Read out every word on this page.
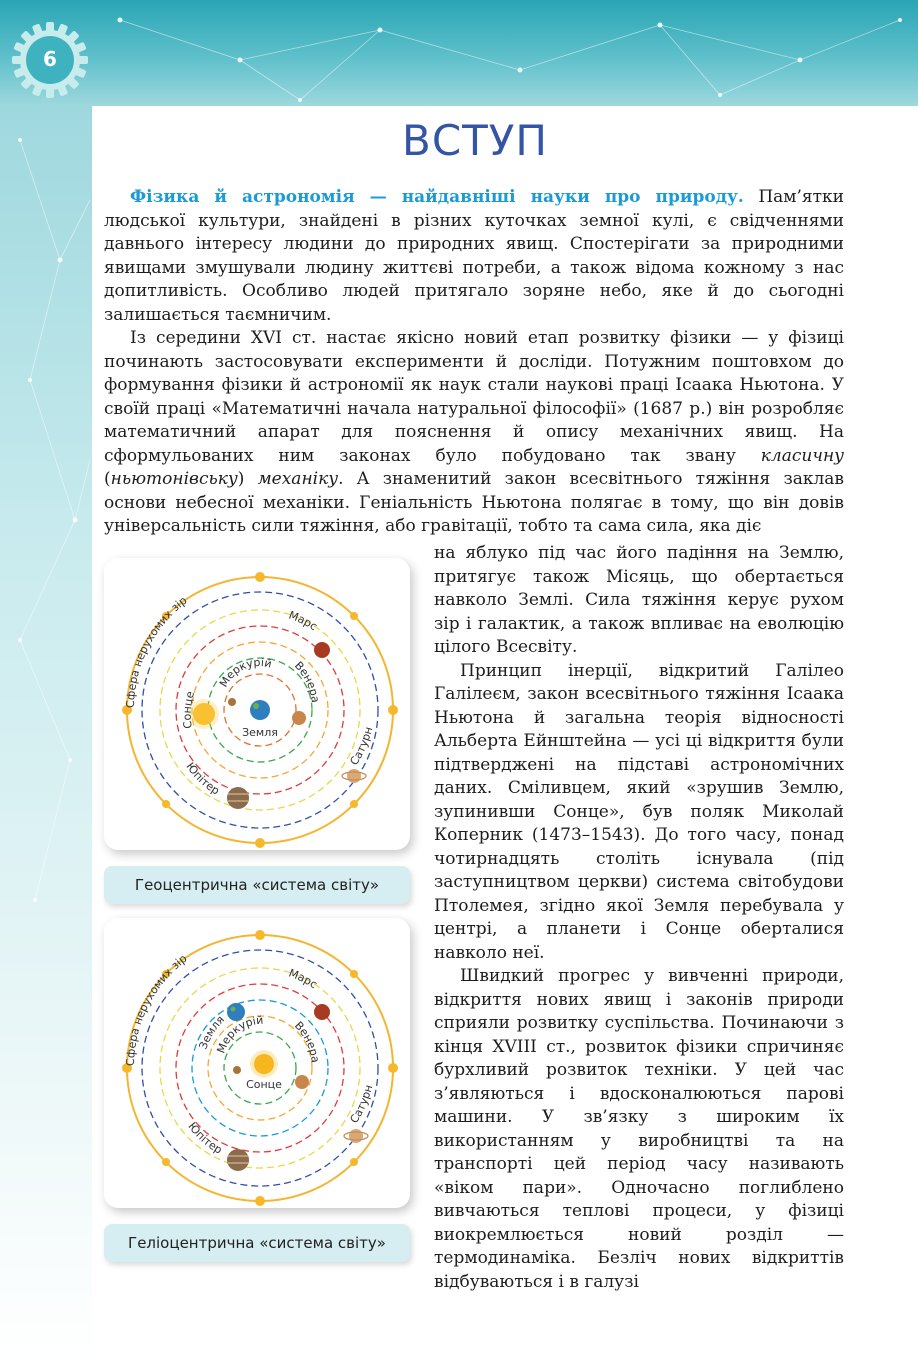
6
ВСТУП

Фізика й астрономія — найдавніші науки про природу. Пам’ятки людської культури, знайдені в різних куточках земної кулі, є свідченнями давнього інтересу людини до природних явищ. Спостерігати за природними явищами змушували людину життєві потреби, а також відома кожному з нас допитливість. Особливо людей притягало зоряне небо, яке й до сьогодні залишається таємничим.

Із середини XVI ст. настає якісно новий етап розвитку фізики — у фізиці починають застосовувати експерименти й досліди. Потужним поштовхом до формування фізики й астрономії як наук стали наукові праці Ісаака Ньютона. У своїй праці «Математичні начала натуральної філософії» (1687 р.) він розробляє математичний апарат для пояснення й опису механічних явищ. На сформульованих ним законах було побудовано так звану класичну (ньютонівську) механіку. А знаменитий закон всесвітнього тяжіння заклав основи небесної механіки. Геніальність Ньютона полягає в тому, що він довів універсальність сили тяжіння, або гравітації, тобто та сама сила, яка діє

на яблуко під час його падіння на Землю, притягує також Місяць, що обертається навколо Землі. Сила тяжіння керує рухом зір і галактик, а також впливає на еволюцію цілого Всесвіту.

Принцип інерції, відкритий Галілео Галілеєм, закон всесвітнього тяжіння Ісаака Ньютона й загальна теорія відносності Альберта Ейнштейна — усі ці відкриття були підтверджені на підставі астрономічних даних. Сміливцем, який «зрушив Землю, зупинивши Сонце», був поляк Миколай Коперник (1473–1543). До того часу, понад чотирнадцять століть існувала (під заступництвом церкви) система світобудови Птолемея, згідно якої Земля перебувала у центрі, а планети і Сонце оберталися навколо неї.

Швидкий прогрес у вивченні природи, відкриття нових явищ і законів природи сприяли розвитку суспільства. Починаючи з кінця XVIII ст., розвиток фізики спричиняє бурхливий розвиток техніки. У цей час з’являються і вдосконалюються парові машини. У зв’язку з широким їх використанням у виробництві та на транспорті цей період часу називають «віком пари». Одночасно поглиблено вивчаються теплові процеси, у фізиці виокремлюється новий розділ — термодинаміка. Безліч нових відкриттів відбуваються і в галузі

Сфера нерухомих зір
Сонце
Меркурій
Марс
Венера
Сатурн
Юпітер
Земля
Геоцентрична «система світу»
Сфера нерухомих зір
Земля
Меркурій
Марс
Венера
Сатурн
Юпітер
Сонце
Геліоцентрична «система світу»
